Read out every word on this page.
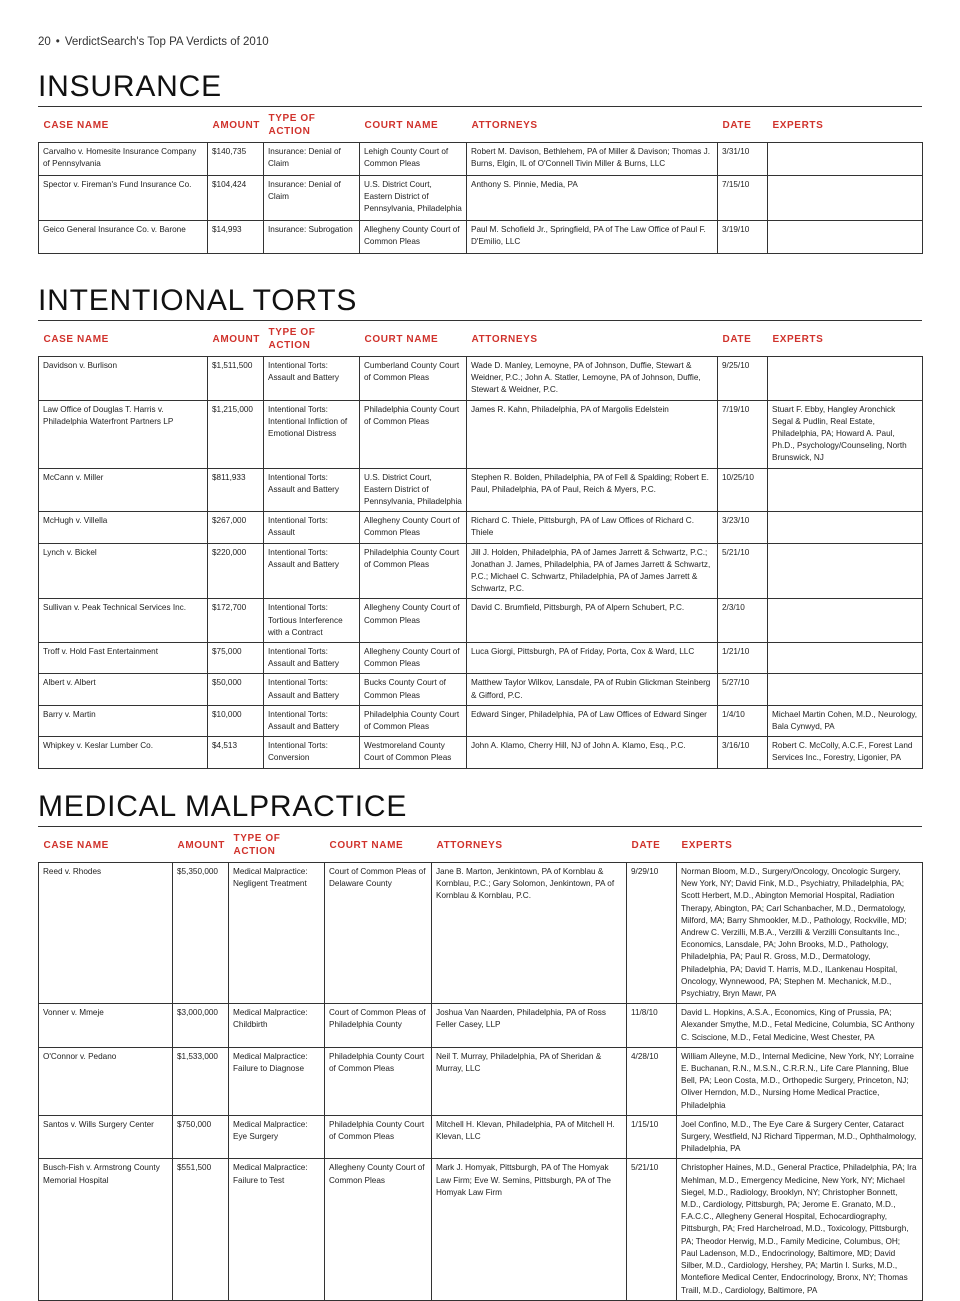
20 • VerdictSearch's Top PA Verdicts of 2010
INSURANCE
CASE NAME	AMOUNT	TYPE OF ACTION	COURT NAME	ATTORNEYS	DATE	EXPERTS
Carvalho v. Homesite Insurance Company of Pennsylvania	$140,735	Insurance: Denial of Claim	Lehigh County Court of Common Pleas	Robert M. Davison, Bethlehem, PA of Miller & Davison; Thomas J. Burns, Elgin, IL of O'Connell Tivin Miller & Burns, LLC	3/31/10	
Spector v. Fireman's Fund Insurance Co.	$104,424	Insurance: Denial of Claim	U.S. District Court, Eastern District of Pennsylvania, Philadelphia	Anthony S. Pinnie, Media, PA	7/15/10	
Geico General Insurance Co. v. Barone	$14,993	Insurance: Subrogation	Allegheny County Court of Common Pleas	Paul M. Schofield Jr., Springfield, PA of The Law Office of Paul F. D'Emilio, LLC	3/19/10	
INTENTIONAL TORTS
CASE NAME	AMOUNT	TYPE OF ACTION	COURT NAME	ATTORNEYS	DATE	EXPERTS
Davidson v. Burlison	$1,511,500	Intentional Torts: Assault and Battery	Cumberland County Court of Common Pleas	Wade D. Manley, Lemoyne, PA of Johnson, Duffie, Stewart & Weidner, P.C.; John A. Statler, Lemoyne, PA of Johnson, Duffie, Stewart & Weidner, P.C.	9/25/10	
Law Office of Douglas T. Harris v. Philadelphia Waterfront Partners LP	$1,215,000	Intentional Torts: Intentional Infliction of Emotional Distress	Philadelphia County Court of Common Pleas	James R. Kahn, Philadelphia, PA of Margolis Edelstein	7/19/10	Stuart F. Ebby, Hangley Aronchick Segal & Pudlin, Real Estate, Philadelphia, PA; Howard A. Paul, Ph.D., Psychology/Counseling, North Brunswick, NJ
McCann v. Miller	$811,933	Intentional Torts: Assault and Battery	U.S. District Court, Eastern District of Pennsylvania, Philadelphia	Stephen R. Bolden, Philadelphia, PA of Fell & Spalding; Robert E. Paul, Philadelphia, PA of Paul, Reich & Myers, P.C.	10/25/10	
McHugh v. Villella	$267,000	Intentional Torts: Assault	Allegheny County Court of Common Pleas	Richard C. Thiele, Pittsburgh, PA of Law Offices of Richard C. Thiele	3/23/10	
Lynch v. Bickel	$220,000	Intentional Torts: Assault and Battery	Philadelphia County Court of Common Pleas	Jill J. Holden, Philadelphia, PA of James Jarrett & Schwartz, P.C.; Jonathan J. James, Philadelphia, PA of James Jarrett & Schwartz, P.C.; Michael C. Schwartz, Philadelphia, PA of James Jarrett & Schwartz, P.C.	5/21/10	
Sullivan v. Peak Technical Services Inc.	$172,700	Intentional Torts: Tortious Interference with a Contract	Allegheny County Court of Common Pleas	David C. Brumfield, Pittsburgh, PA of Alpern Schubert, P.C.	2/3/10	
Troff v. Hold Fast Entertainment	$75,000	Intentional Torts: Assault and Battery	Allegheny County Court of Common Pleas	Luca Giorgi, Pittsburgh, PA of Friday, Porta, Cox & Ward, LLC	1/21/10	
Albert v. Albert	$50,000	Intentional Torts: Assault and Battery	Bucks County Court of Common Pleas	Matthew Taylor Wilkov, Lansdale, PA of Rubin Glickman Steinberg & Gifford, P.C.	5/27/10	
Barry v. Martin	$10,000	Intentional Torts: Assault and Battery	Philadelphia County Court of Common Pleas	Edward Singer, Philadelphia, PA of Law Offices of Edward Singer	1/4/10	Michael Martin Cohen, M.D., Neurology, Bala Cynwyd, PA
Whipkey v. Keslar Lumber Co.	$4,513	Intentional Torts: Conversion	Westmoreland County Court of Common Pleas	John A. Klamo, Cherry Hill, NJ of John A. Klamo, Esq., P.C.	3/16/10	Robert C. McColly, A.C.F., Forest Land Services Inc., Forestry, Ligonier, PA
MEDICAL MALPRACTICE
CASE NAME	AMOUNT	TYPE OF ACTION	COURT NAME	ATTORNEYS	DATE	EXPERTS
Reed v. Rhodes	$5,350,000	Medical Malpractice: Negligent Treatment	Court of Common Pleas of Delaware County	Jane B. Marton, Jenkintown, PA of Kornblau & Kornblau, P.C.; Gary Solomon, Jenkintown, PA of Kornblau & Kornblau, P.C.	9/29/10	Norman Bloom, M.D., Surgery/Oncology, Oncologic Surgery, New York, NY; David Fink, M.D., Psychiatry, Philadelphia, PA; Scott Herbert, M.D., Abington Memorial Hospital, Radiation Therapy, Abington, PA; Carl Schanbacher, M.D., Dermatology, Milford, MA; Barry Shmookler, M.D., Pathology, Rockville, MD; Andrew C. Verzilli, M.B.A., Verzilli & Verzilli Consultants Inc., Economics, Lansdale, PA; John Brooks, M.D., Pathology, Philadelphia, PA; Paul R. Gross, M.D., Dermatology, Philadelphia, PA; David T. Harris, M.D., ILankenau Hospital, Oncology, Wynnewood, PA; Stephen M. Mechanick, M.D., Psychiatry, Bryn Mawr, PA
Vonner v. Mmeje	$3,000,000	Medical Malpractice: Childbirth	Court of Common Pleas of Philadelphia County	Joshua Van Naarden, Philadelphia, PA of Ross Feller Casey, LLP	11/8/10	David L. Hopkins, A.S.A., Economics, King of Prussia, PA; Alexander Smythe, M.D., Fetal Medicine, Columbia, SC Anthony C. Sciscione, M.D., Fetal Medicine, West Chester, PA
O'Connor v. Pedano	$1,533,000	Medical Malpractice: Failure to Diagnose	Philadelphia County Court of Common Pleas	Neil T. Murray, Philadelphia, PA of Sheridan & Murray, LLC	4/28/10	William Alleyne, M.D., Internal Medicine, New York, NY; Lorraine E. Buchanan, R.N., M.S.N., C.R.R.N., Life Care Planning, Blue Bell, PA; Leon Costa, M.D., Orthopedic Surgery, Princeton, NJ; Oliver Herndon, M.D., Nursing Home Medical Practice, Philadelphia
Santos v. Wills Surgery Center	$750,000	Medical Malpractice: Eye Surgery	Philadelphia County Court of Common Pleas	Mitchell H. Klevan, Philadelphia, PA of Mitchell H. Klevan, LLC	1/15/10	Joel Confino, M.D., The Eye Care & Surgery Center, Cataract Surgery, Westfield, NJ Richard Tipperman, M.D., Ophthalmology, Philadelphia, PA
Busch-Fish v. Armstrong County Memorial Hospital	$551,500	Medical Malpractice: Failure to Test	Allegheny County Court of Common Pleas	Mark J. Homyak, Pittsburgh, PA of The Homyak Law Firm; Eve W. Semins, Pittsburgh, PA of The Homyak Law Firm	5/21/10	Christopher Haines, M.D., General Practice, Philadelphia, PA; Ira Mehlman, M.D., Emergency Medicine, New York, NY; Michael Siegel, M.D., Radiology, Brooklyn, NY; Christopher Bonnett, M.D., Cardiology, Pittsburgh, PA; Jerome E. Granato, M.D., F.A.C.C., Allegheny General Hospital, Echocardiography, Pittsburgh, PA; Fred Harchelroad, M.D., Toxicology, Pittsburgh, PA; Theodor Herwig, M.D., Family Medicine, Columbus, OH; Paul Ladenson, M.D., Endocrinology, Baltimore, MD; David Silber, M.D., Cardiology, Hershey, PA; Martin I. Surks, M.D., Montefiore Medical Center, Endocrinology, Bronx, NY; Thomas Traill, M.D., Cardiology, Baltimore, PA
